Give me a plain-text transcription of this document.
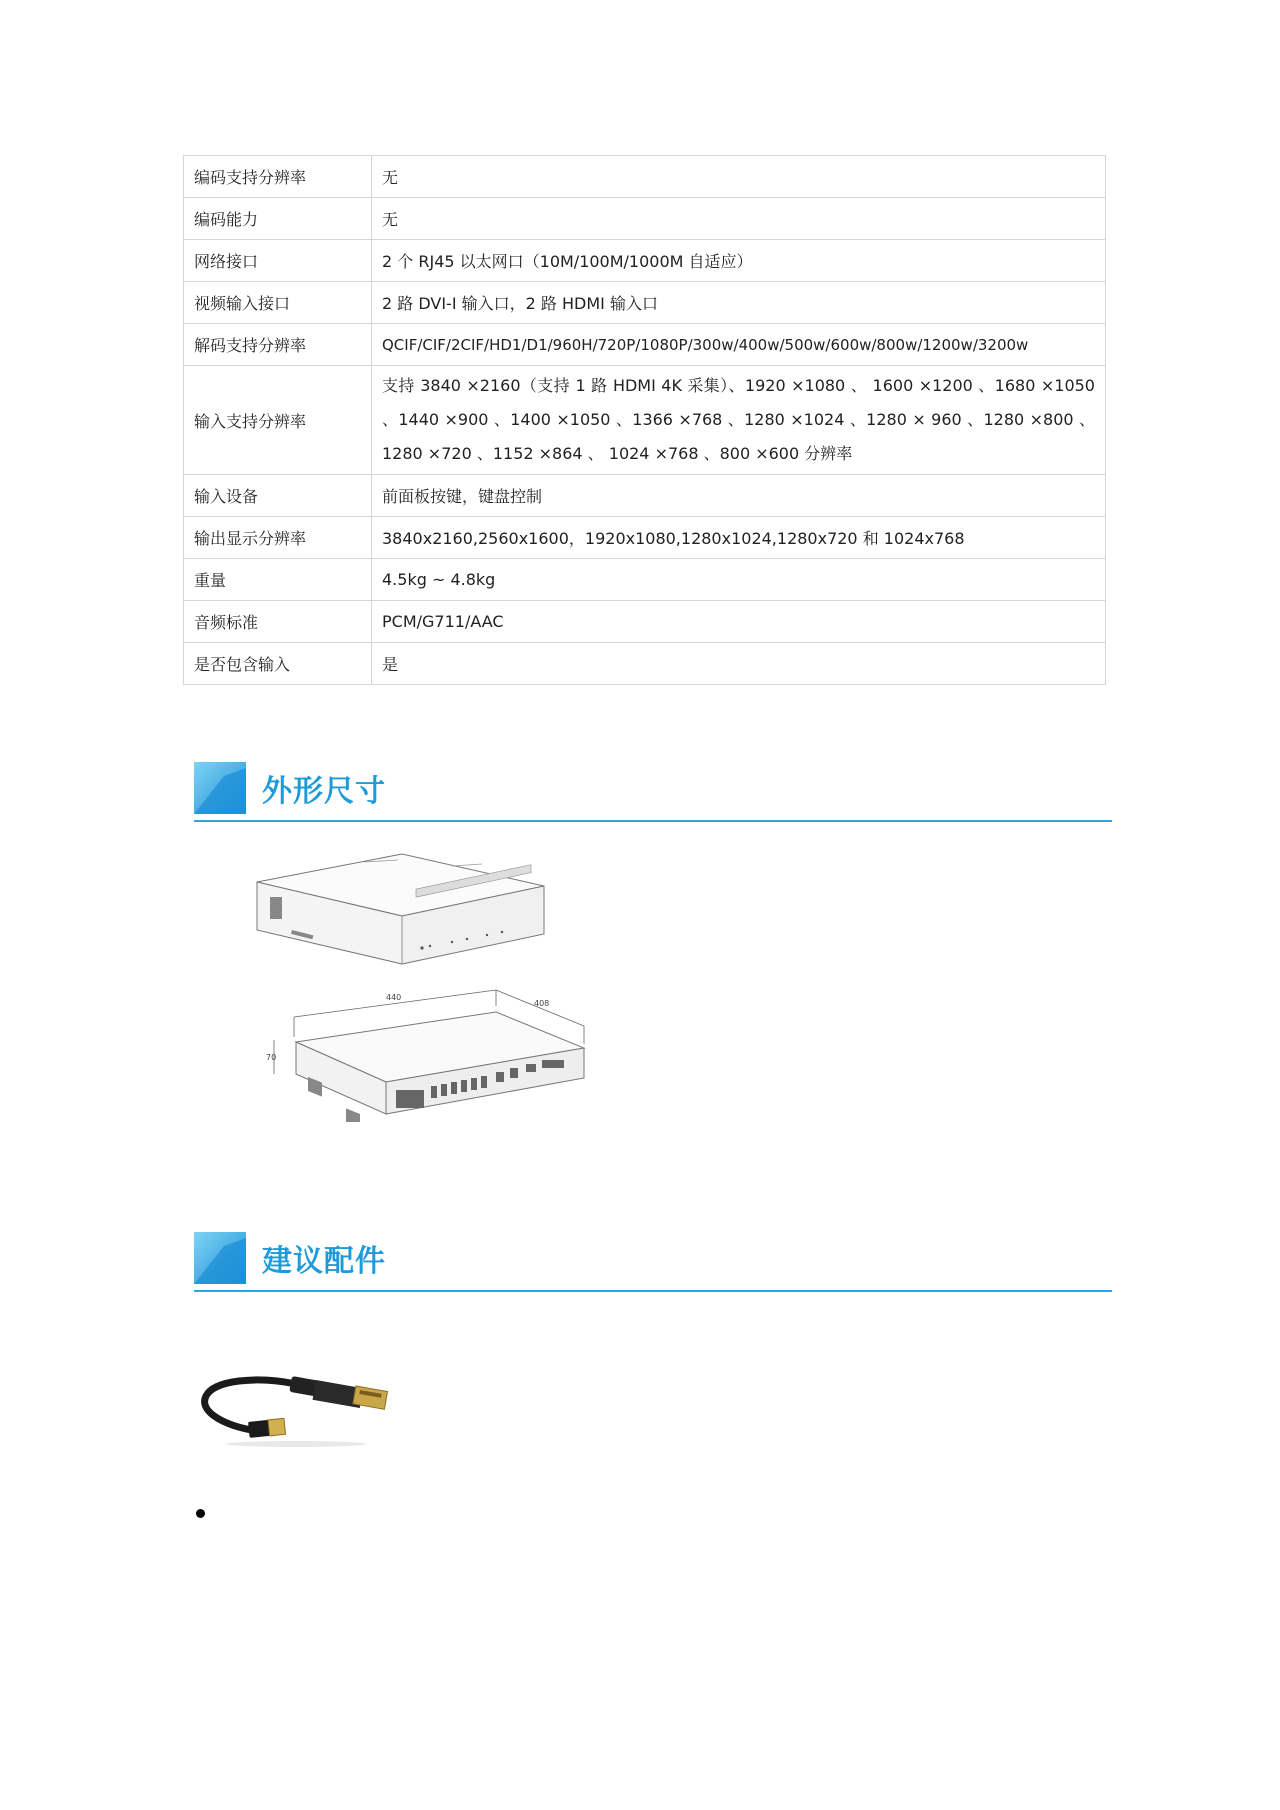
编码支持分辨率	无
编码能力	无
网络接口	2 个 RJ45 以太网口（10M/100M/1000M 自适应）
视频输入接口	2 路 DVI-I 输入口，2 路 HDMI 输入口
解码支持分辨率	QCIF/CIF/2CIF/HD1/D1/960H/720P/1080P/300w/400w/500w/600w/800w/1200w/3200w
输入支持分辨率	支持 3840 ×2160（支持 1 路 HDMI 4K 采集）、1920 ×1080 、 1600 ×1200 、1680 ×1050 、1440 ×900 、1400 ×1050 、1366 ×768 、1280 ×1024 、1280 × 960 、1280 ×800 、1280 ×720 、1152 ×864 、 1024 ×768 、800 ×600 分辨率
输入设备	前面板按键，键盘控制
输出显示分辨率	3840x2160,2560x1600，1920x1080,1280x1024,1280x720 和 1024x768
重量	4.5kg ~ 4.8kg
音频标准	PCM/G711/AAC
是否包含输入	是
外形尺寸
440
408
70
建议配件
